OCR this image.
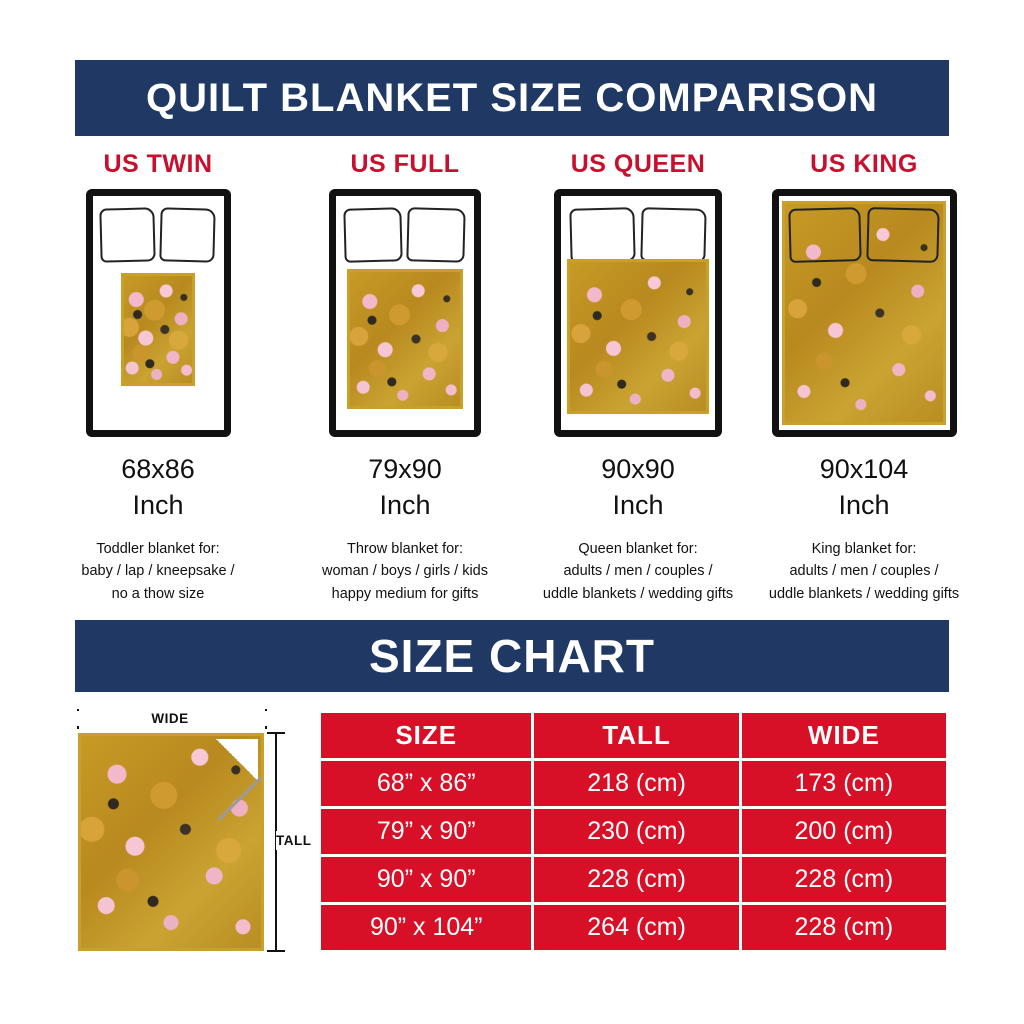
QUILT BLANKET SIZE COMPARISON
US TWIN
68x86
Inch
Toddler blanket for:
baby / lap / kneepsake /
no a thow size
US FULL
79x90
Inch
Throw blanket for:
woman / boys / girls / kids
happy medium for gifts
US QUEEN
90x90
Inch
Queen blanket for:
adults / men / couples /
uddle blankets / wedding gifts
US KING
90x104
Inch
King blanket for:
adults / men / couples /
uddle blankets / wedding gifts
SIZE CHART
WIDE
TALL
SIZE	TALL	WIDE
68” x 86”	218 (cm)	173 (cm)
79” x 90”	230 (cm)	200 (cm)
90” x 90”	228 (cm)	228 (cm)
90” x 104”	264 (cm)	228 (cm)
